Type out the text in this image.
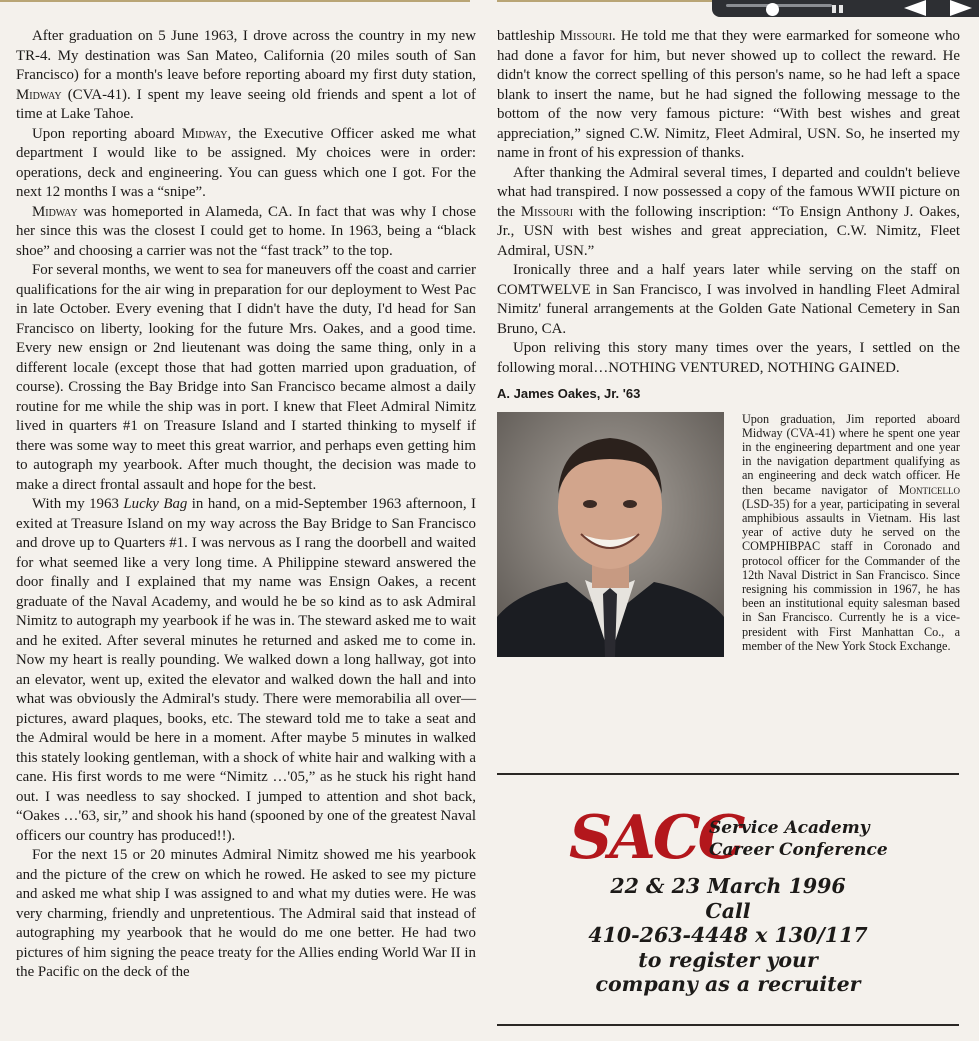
After graduation on 5 June 1963, I drove across the country in my new TR-4. My destination was San Mateo, California (20 miles south of San Francisco) for a month's leave before reporting aboard my first duty station, Midway (CVA-41). I spent my leave seeing old friends and spent a lot of time at Lake Tahoe.

Upon reporting aboard Midway, the Executive Officer asked me what department I would like to be assigned. My choices were in order: operations, deck and engineering. You can guess which one I got. For the next 12 months I was a “snipe”.

Midway was homeported in Alameda, CA. In fact that was why I chose her since this was the closest I could get to home. In 1963, being a “black shoe” and choosing a carrier was not the “fast track” to the top.

For several months, we went to sea for maneuvers off the coast and carrier qualifications for the air wing in preparation for our deployment to West Pac in late October. Every evening that I didn't have the duty, I'd head for San Francisco on liberty, looking for the future Mrs. Oakes, and a good time. Every new ensign or 2nd lieutenant was doing the same thing, only in a different locale (except those that had gotten married upon graduation, of course). Crossing the Bay Bridge into San Francisco became almost a daily routine for me while the ship was in port. I knew that Fleet Admiral Nimitz lived in quarters #1 on Treasure Island and I started thinking to myself if there was some way to meet this great warrior, and perhaps even getting him to autograph my yearbook. After much thought, the decision was made to make a direct frontal assault and hope for the best.

With my 1963 Lucky Bag in hand, on a mid-September 1963 afternoon, I exited at Treasure Island on my way across the Bay Bridge to San Francisco and drove up to Quarters #1. I was nervous as I rang the doorbell and waited for what seemed like a very long time. A Philippine steward answered the door finally and I explained that my name was Ensign Oakes, a recent graduate of the Naval Academy, and would he be so kind as to ask Admiral Nimitz to autograph my yearbook if he was in. The steward asked me to wait and he exited. After several minutes he returned and asked me to come in. Now my heart is really pounding. We walked down a long hallway, got into an elevator, went up, exited the elevator and walked down the hall and into what was obviously the Admiral's study. There were memorabilia all over—pictures, award plaques, books, etc. The steward told me to take a seat and the Admiral would be here in a moment. After maybe 5 minutes in walked this stately looking gentleman, with a shock of white hair and walking with a cane. His first words to me were “Nimitz …'05,” as he stuck his right hand out. I was needless to say shocked. I jumped to attention and shot back, “Oakes …'63, sir,” and shook his hand (spooned by one of the greatest Naval officers our country has produced!!).

For the next 15 or 20 minutes Admiral Nimitz showed me his yearbook and the picture of the crew on which he rowed. He asked to see my picture and asked me what ship I was assigned to and what my duties were. He was very charming, friendly and unpretentious. The Admiral said that instead of autographing my yearbook that he would do me one better. He had two pictures of him signing the peace treaty for the Allies ending World War II in the Pacific on the deck of the

battleship Missouri. He told me that they were earmarked for someone who had done a favor for him, but never showed up to collect the reward. He didn't know the correct spelling of this person's name, so he had left a space blank to insert the name, but he had signed the following message to the bottom of the now very famous picture: “With best wishes and great appreciation,” signed C.W. Nimitz, Fleet Admiral, USN. So, he inserted my name in front of his expression of thanks.

After thanking the Admiral several times, I departed and couldn't believe what had transpired. I now possessed a copy of the famous WWII picture on the Missouri with the following inscription: “To Ensign Anthony J. Oakes, Jr., USN with best wishes and great appreciation, C.W. Nimitz, Fleet Admiral, USN.”

Ironically three and a half years later while serving on the staff on COMTWELVE in San Francisco, I was involved in handling Fleet Admiral Nimitz' funeral arrangements at the Golden Gate National Cemetery in San Bruno, CA.

Upon reliving this story many times over the years, I settled on the following moral…NOTHING VENTURED, NOTHING GAINED.

A. James Oakes, Jr. '63
Upon graduation, Jim reported aboard Midway (CVA-41) where he spent one year in the engineering department and one year in the navigation department qualifying as an engineering and deck watch officer. He then became navigator of Monticello (LSD-35) for a year, participating in several amphibious assaults in Vietnam. His last year of active duty he served on the COMPHIBPAC staff in Coronado and protocol officer for the Commander of the 12th Naval District in San Francisco. Since resigning his commission in 1967, he has been an institutional equity salesman based in San Francisco. Currently he is a vice-president with First Manhattan Co., a member of the New York Stock Exchange.
SACC
Service Academy
Career Conference
22 & 23 March 1996
Call
410-263-4448 x 130/117
to register your
company as a recruiter
